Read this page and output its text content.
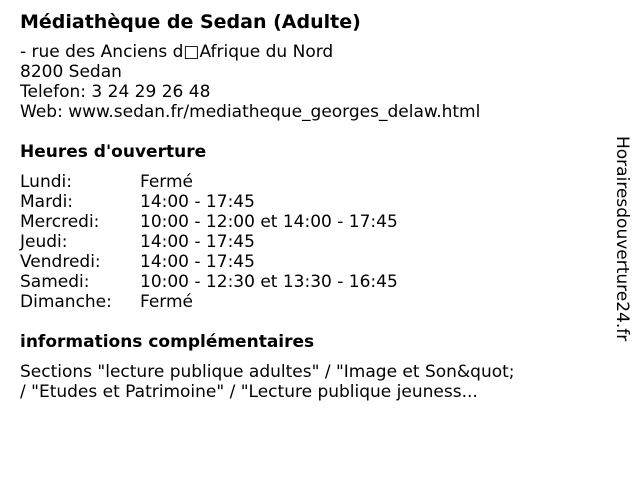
Médiathèque de Sedan (Adulte)
- rue des Anciens d□Afrique du Nord
8200 Sedan
Telefon: 3 24 29 26 48
Web: www.sedan.fr/mediatheque_georges_delaw.html
Heures d'ouverture
Lundi:	Fermé
Mardi:	14:00 - 17:45
Mercredi:	10:00 - 12:00 et 14:00 - 17:45
Jeudi:	14:00 - 17:45
Vendredi:	14:00 - 17:45
Samedi:	10:00 - 12:30 et 13:30 - 16:45
Dimanche:	Fermé
informations complémentaires
Sections "lecture publique adultes" / "Image et Son&quot; / "Etudes et Patrimoine" / "Lecture publique jeuness...
Horairesdouverture24.fr
